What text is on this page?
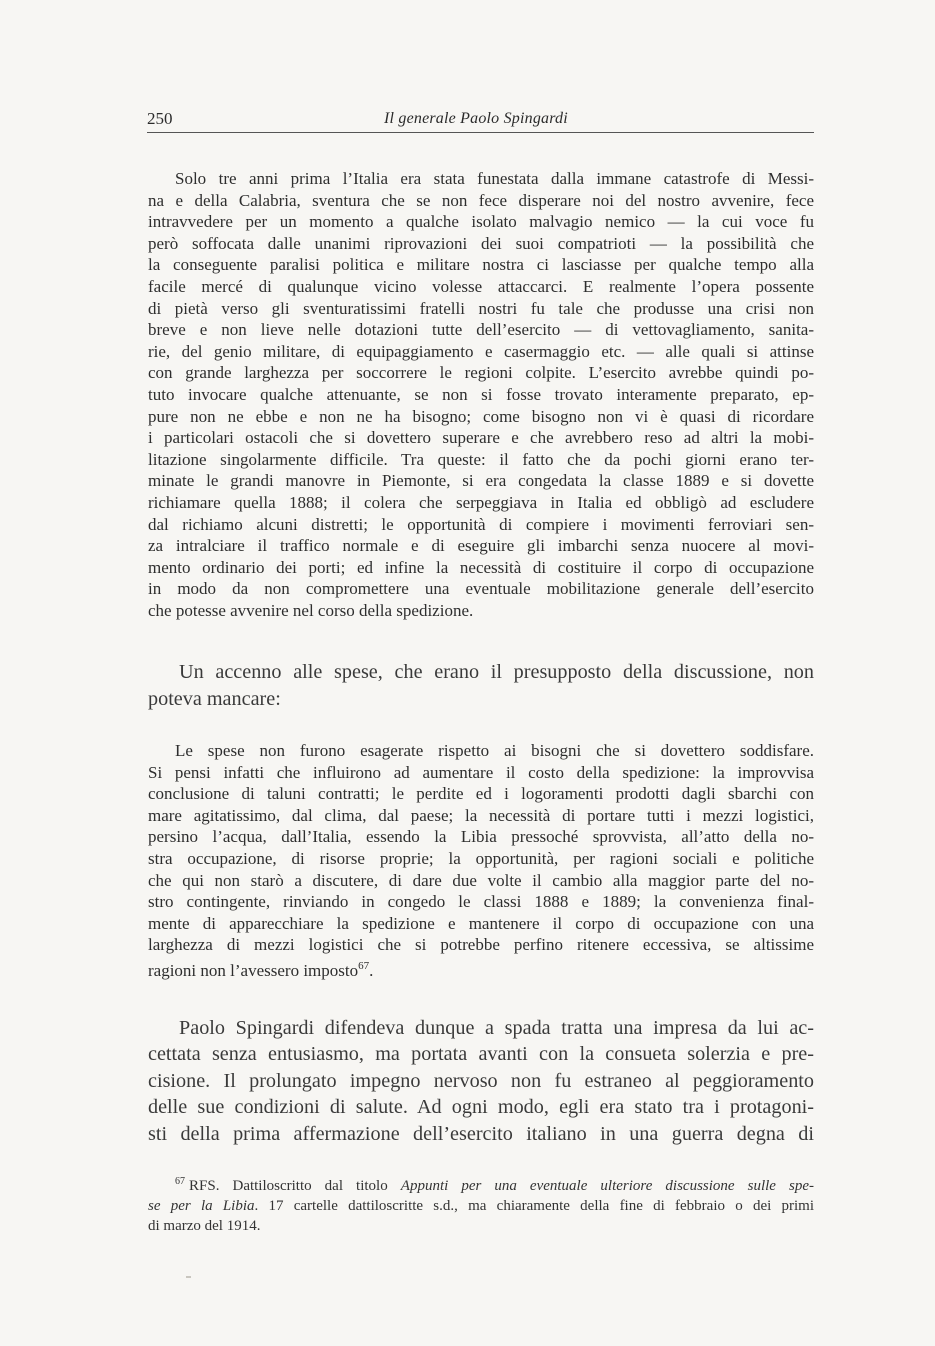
250	Il generale Paolo Spingardi

Solo tre anni prima l’Italia era stata funestata dalla immane catastrofe di Messi-
na e della Calabria, sventura che se non fece disperare noi del nostro avvenire, fece
intravvedere per un momento a qualche isolato malvagio nemico — la cui voce fu
però soffocata dalle unanimi riprovazioni dei suoi compatrioti — la possibilità che
la conseguente paralisi politica e militare nostra ci lasciasse per qualche tempo alla
facile mercé di qualunque vicino volesse attaccarci. E realmente l’opera possente
di pietà verso gli sventuratissimi fratelli nostri fu tale che produsse una crisi non
breve e non lieve nelle dotazioni tutte dell’esercito — di vettovagliamento, sanita-
rie, del genio militare, di equipaggiamento e casermaggio etc. — alle quali si attinse
con grande larghezza per soccorrere le regioni colpite. L’esercito avrebbe quindi po-
tuto invocare qualche attenuante, se non si fosse trovato interamente preparato, ep-
pure non ne ebbe e non ne ha bisogno; come bisogno non vi è quasi di ricordare
i particolari ostacoli che si dovettero superare e che avrebbero reso ad altri la mobi-
litazione singolarmente difficile. Tra queste: il fatto che da pochi giorni erano ter-
minate le grandi manovre in Piemonte, si era congedata la classe 1889 e si dovette
richiamare quella 1888; il colera che serpeggiava in Italia ed obbligò ad escludere
dal richiamo alcuni distretti; le opportunità di compiere i movimenti ferroviari sen-
za intralciare il traffico normale e di eseguire gli imbarchi senza nuocere al movi-
mento ordinario dei porti; ed infine la necessità di costituire il corpo di occupazione
in modo da non compromettere una eventuale mobilitazione generale dell’esercito
che potesse avvenire nel corso della spedizione.

Un accenno alle spese, che erano il presupposto della discussione, non
poteva mancare:

Le spese non furono esagerate rispetto ai bisogni che si dovettero soddisfare.
Si pensi infatti che influirono ad aumentare il costo della spedizione: la improvvisa
conclusione di taluni contratti; le perdite ed i logoramenti prodotti dagli sbarchi con
mare agitatissimo, dal clima, dal paese; la necessità di portare tutti i mezzi logistici,
persino l’acqua, dall’Italia, essendo la Libia pressoché sprovvista, all’atto della no-
stra occupazione, di risorse proprie; la opportunità, per ragioni sociali e politiche
che qui non starò a discutere, di dare due volte il cambio alla maggior parte del no-
stro contingente, rinviando in congedo le classi 1888 e 1889; la convenienza final-
mente di apparecchiare la spedizione e mantenere il corpo di occupazione con una
larghezza di mezzi logistici che si potrebbe perfino ritenere eccessiva, se altissime
ragioni non l’avessero imposto$^{67}$.

Paolo Spingardi difendeva dunque a spada tratta una impresa da lui ac-
cettata senza entusiasmo, ma portata avanti con la consueta solerzia e pre-
cisione. Il prolungato impegno nervoso non fu estraneo al peggioramento
delle sue condizioni di salute. Ad ogni modo, egli era stato tra i protagoni-
sti della prima affermazione dell’esercito italiano in una guerra degna di

$^{67}$ RFS. Dattiloscritto dal titolo Appunti per una eventuale ulteriore discussione sulle spe-
se per la Libia. 17 cartelle dattiloscritte s.d., ma chiaramente della fine di febbraio o dei primi
di marzo del 1914.
